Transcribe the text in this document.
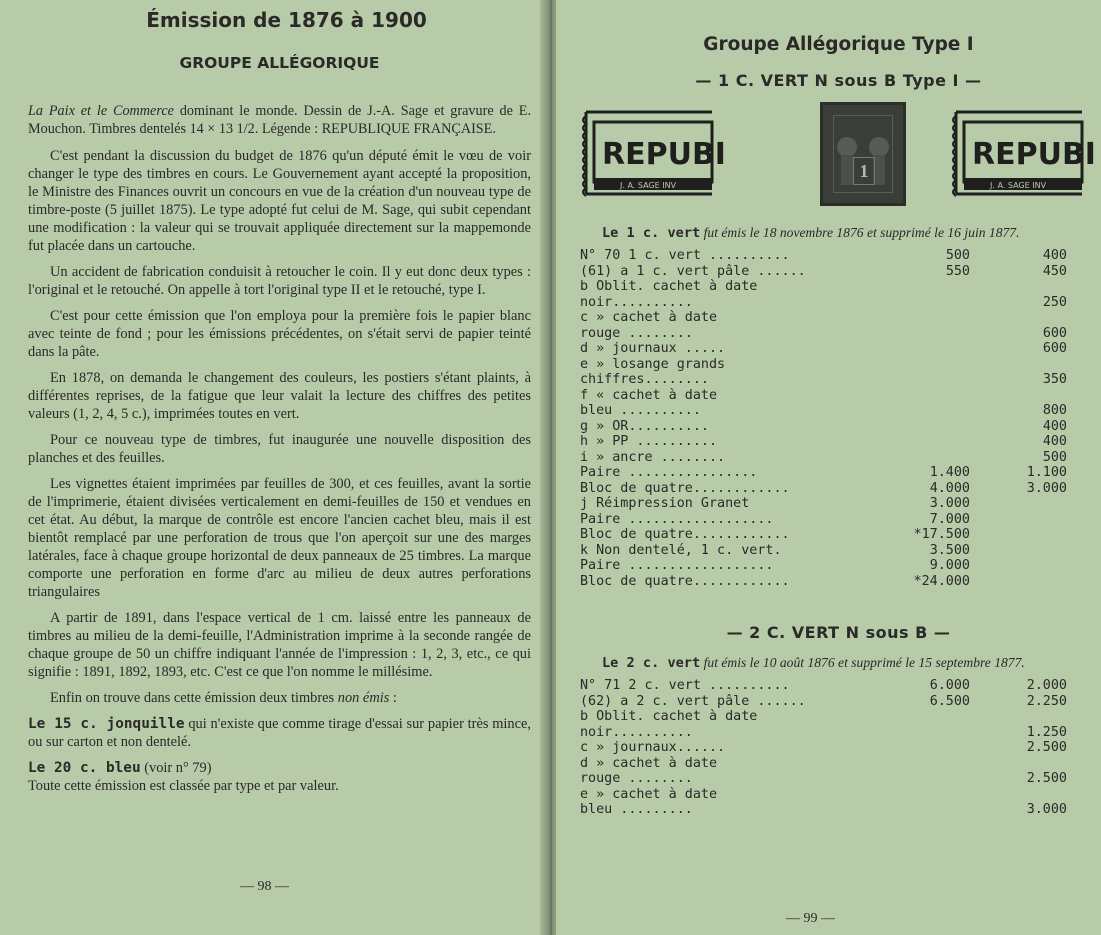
Émission de 1876 à 1900
GROUPE ALLÉGORIQUE

La Paix et le Commerce dominant le monde. Dessin de J.-A. Sage et gravure de E. Mouchon. Timbres dentelés 14 × 13 1/2. Légende : REPUBLIQUE FRANÇAISE.

C'est pendant la discussion du budget de 1876 qu'un député émit le vœu de voir changer le type des timbres en cours. Le Gouvernement ayant accepté la proposition, le Ministre des Finances ouvrit un concours en vue de la création d'un nouveau type de timbre-poste (5 juillet 1875). Le type adopté fut celui de M. Sage, qui subit cependant une modification : la valeur qui se trouvait appliquée directement sur la mappemonde fut placée dans un cartouche.

Un accident de fabrication conduisit à retoucher le coin. Il y eut donc deux types : l'original et le retouché. On appelle à tort l'original type II et le retouché, type I.

C'est pour cette émission que l'on employa pour la première fois le papier blanc avec teinte de fond ; pour les émissions précédentes, on s'était servi de papier teinté dans la pâte.

En 1878, on demanda le changement des couleurs, les postiers s'étant plaints, à différentes reprises, de la fatigue que leur valait la lecture des chiffres des petites valeurs (1, 2, 4, 5 c.), imprimées toutes en vert.

Pour ce nouveau type de timbres, fut inaugurée une nouvelle disposition des planches et des feuilles.

Les vignettes étaient imprimées par feuilles de 300, et ces feuilles, avant la sortie de l'imprimerie, étaient divisées verticalement en demi-feuilles de 150 et vendues en cet état. Au début, la marque de contrôle est encore l'ancien cachet bleu, mais il est bientôt remplacé par une perforation de trous que l'on aperçoit sur une des marges latérales, face à chaque groupe horizontal de deux panneaux de 25 timbres. La marque comporte une perforation en forme d'arc au milieu de deux autres perforations triangulaires

A partir de 1891, dans l'espace vertical de 1 cm. laissé entre les panneaux de timbres au milieu de la demi-feuille, l'Administration imprime à la seconde rangée de chaque groupe de 50 un chiffre indiquant l'année de l'impression : 1, 2, 3, etc., ce qui signifie : 1891, 1892, 1893, etc. C'est ce que l'on nomme le millésime.

Enfin on trouve dans cette émission deux timbres non émis :

Le 15 c. jonquille qui n'existe que comme tirage d'essai sur papier très mince, ou sur carton et non dentelé.

Le 20 c. bleu (voir n° 79)

Toute cette émission est classée par type et par valeur.

— 98 —
Groupe Allégorique Type I
— 1 C. VERT N sous B Type I —
REPUBI
J. A. SAGE INV
1	REPUBI
J. A. SAGE INV

Le 1 c. vert fut émis le 18 novembre 1876 et supprimé le 16 juin 1877.

N° 70 1 c. vert ..........	500	400
(61) a 1 c. vert pâle ......	550	450
b Oblit. cachet à date		
noir..........		250
c » cachet à date		
rouge ........		600
d » journaux .....		600
e » losange grands		
chiffres........		350
f « cachet à date		
bleu ..........		800
g » OR..........		400
h » PP ..........		400
i » ancre ........		500
Paire ................	1.400	1.100
Bloc de quatre............	4.000	3.000
j Réimpression Granet	3.000	
Paire ..................	7.000	
Bloc de quatre............	*17.500	
k Non dentelé, 1 c. vert.	3.500	
Paire ..................	9.000	
Bloc de quatre............	*24.000	
— 2 C. VERT N sous B —

Le 2 c. vert fut émis le 10 août 1876 et supprimé le 15 septembre 1877.

N° 71 2 c. vert ..........	6.000	2.000
(62) a 2 c. vert pâle ......	6.500	2.250
b Oblit. cachet à date		
noir..........		1.250
c » journaux......		2.500
d » cachet à date		
rouge ........		2.500
e » cachet à date		
bleu .........		3.000
— 99 —
